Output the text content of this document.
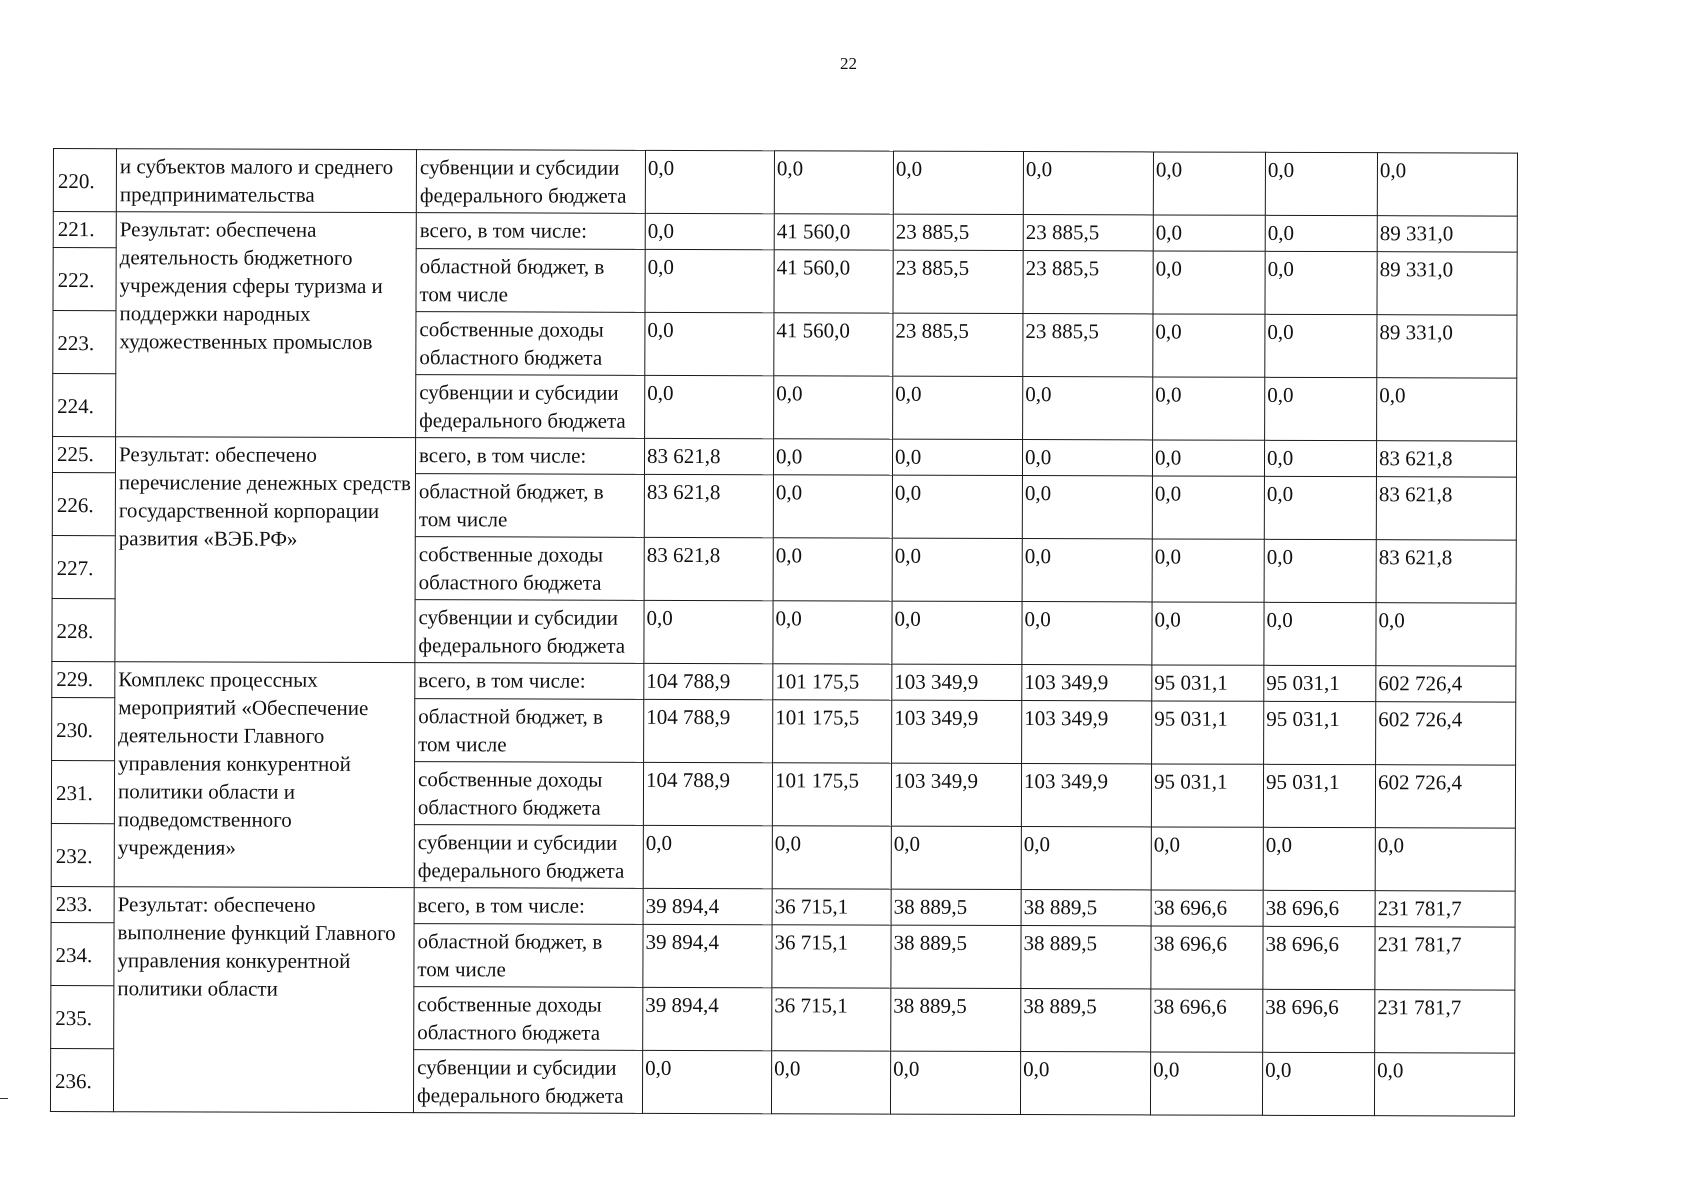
22
220.	и субъектов малого и среднего предпринимательства	субвенции и субсидии федерального бюджета	0,0	0,0	0,0	0,0	0,0	0,0	0,0
221.	Результат: обеспечена деятельность бюджетного учреждения сферы туризма и поддержки народных художественных промыслов	всего, в том числе:	0,0	41 560,0	23 885,5	23 885,5	0,0	0,0	89 331,0
222.		областной бюджет, в том числе	0,0	41 560,0	23 885,5	23 885,5	0,0	0,0	89 331,0
223.		собственные доходы областного бюджета	0,0	41 560,0	23 885,5	23 885,5	0,0	0,0	89 331,0
224.		субвенции и субсидии федерального бюджета	0,0	0,0	0,0	0,0	0,0	0,0	0,0
225.	Результат: обеспечено перечисление денежных средств государственной корпорации развития «ВЭБ.РФ»	всего, в том числе:	83 621,8	0,0	0,0	0,0	0,0	0,0	83 621,8
226.		областной бюджет, в том числе	83 621,8	0,0	0,0	0,0	0,0	0,0	83 621,8
227.		собственные доходы областного бюджета	83 621,8	0,0	0,0	0,0	0,0	0,0	83 621,8
228.		субвенции и субсидии федерального бюджета	0,0	0,0	0,0	0,0	0,0	0,0	0,0
229.	Комплекс процессных мероприятий «Обеспечение деятельности Главного управления конкурентной политики области и подведомственного учреждения»	всего, в том числе:	104 788,9	101 175,5	103 349,9	103 349,9	95 031,1	95 031,1	602 726,4
230.		областной бюджет, в том числе	104 788,9	101 175,5	103 349,9	103 349,9	95 031,1	95 031,1	602 726,4
231.		собственные доходы областного бюджета	104 788,9	101 175,5	103 349,9	103 349,9	95 031,1	95 031,1	602 726,4
232.		субвенции и субсидии федерального бюджета	0,0	0,0	0,0	0,0	0,0	0,0	0,0
233.	Результат: обеспечено выполнение функций Главного управления конкурентной политики области	всего, в том числе:	39 894,4	36 715,1	38 889,5	38 889,5	38 696,6	38 696,6	231 781,7
234.		областной бюджет, в том числе	39 894,4	36 715,1	38 889,5	38 889,5	38 696,6	38 696,6	231 781,7
235.		собственные доходы областного бюджета	39 894,4	36 715,1	38 889,5	38 889,5	38 696,6	38 696,6	231 781,7
236.		субвенции и субсидии федерального бюджета	0,0	0,0	0,0	0,0	0,0	0,0	0,0
